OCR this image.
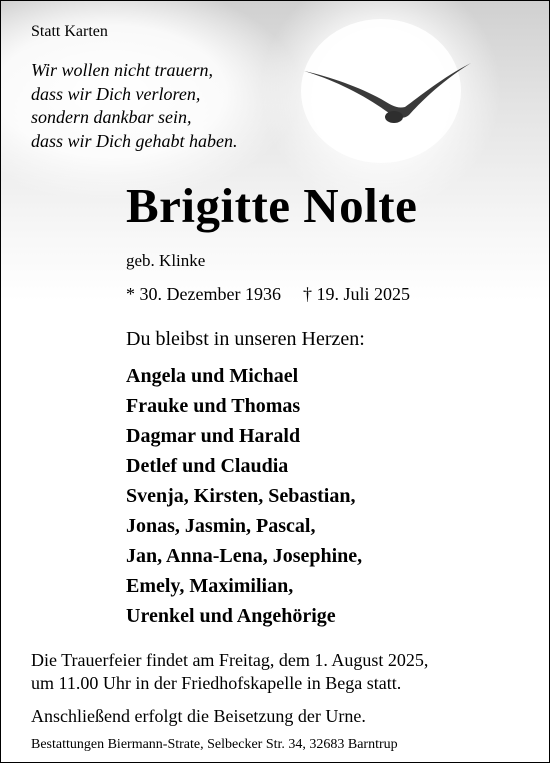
Statt Karten
Wir wollen nicht trauern,
dass wir Dich verloren,
sondern dankbar sein,
dass wir Dich gehabt haben.
Brigitte Nolte
geb. Klinke
* 30. Dezember 1936 † 19. Juli 2025
Du bleibst in unseren Herzen:
Angela und Michael
Frauke und Thomas
Dagmar und Harald
Detlef und Claudia
Svenja, Kirsten, Sebastian,
Jonas, Jasmin, Pascal,
Jan, Anna-Lena, Josephine,
Emely, Maximilian,
Urenkel und Angehörige
Die Trauerfeier findet am Freitag, dem 1. August 2025,
um 11.00 Uhr in der Friedhofskapelle in Bega statt.
Anschließend erfolgt die Beisetzung der Urne.
Bestattungen Biermann-Strate, Selbecker Str. 34, 32683 Barntrup
